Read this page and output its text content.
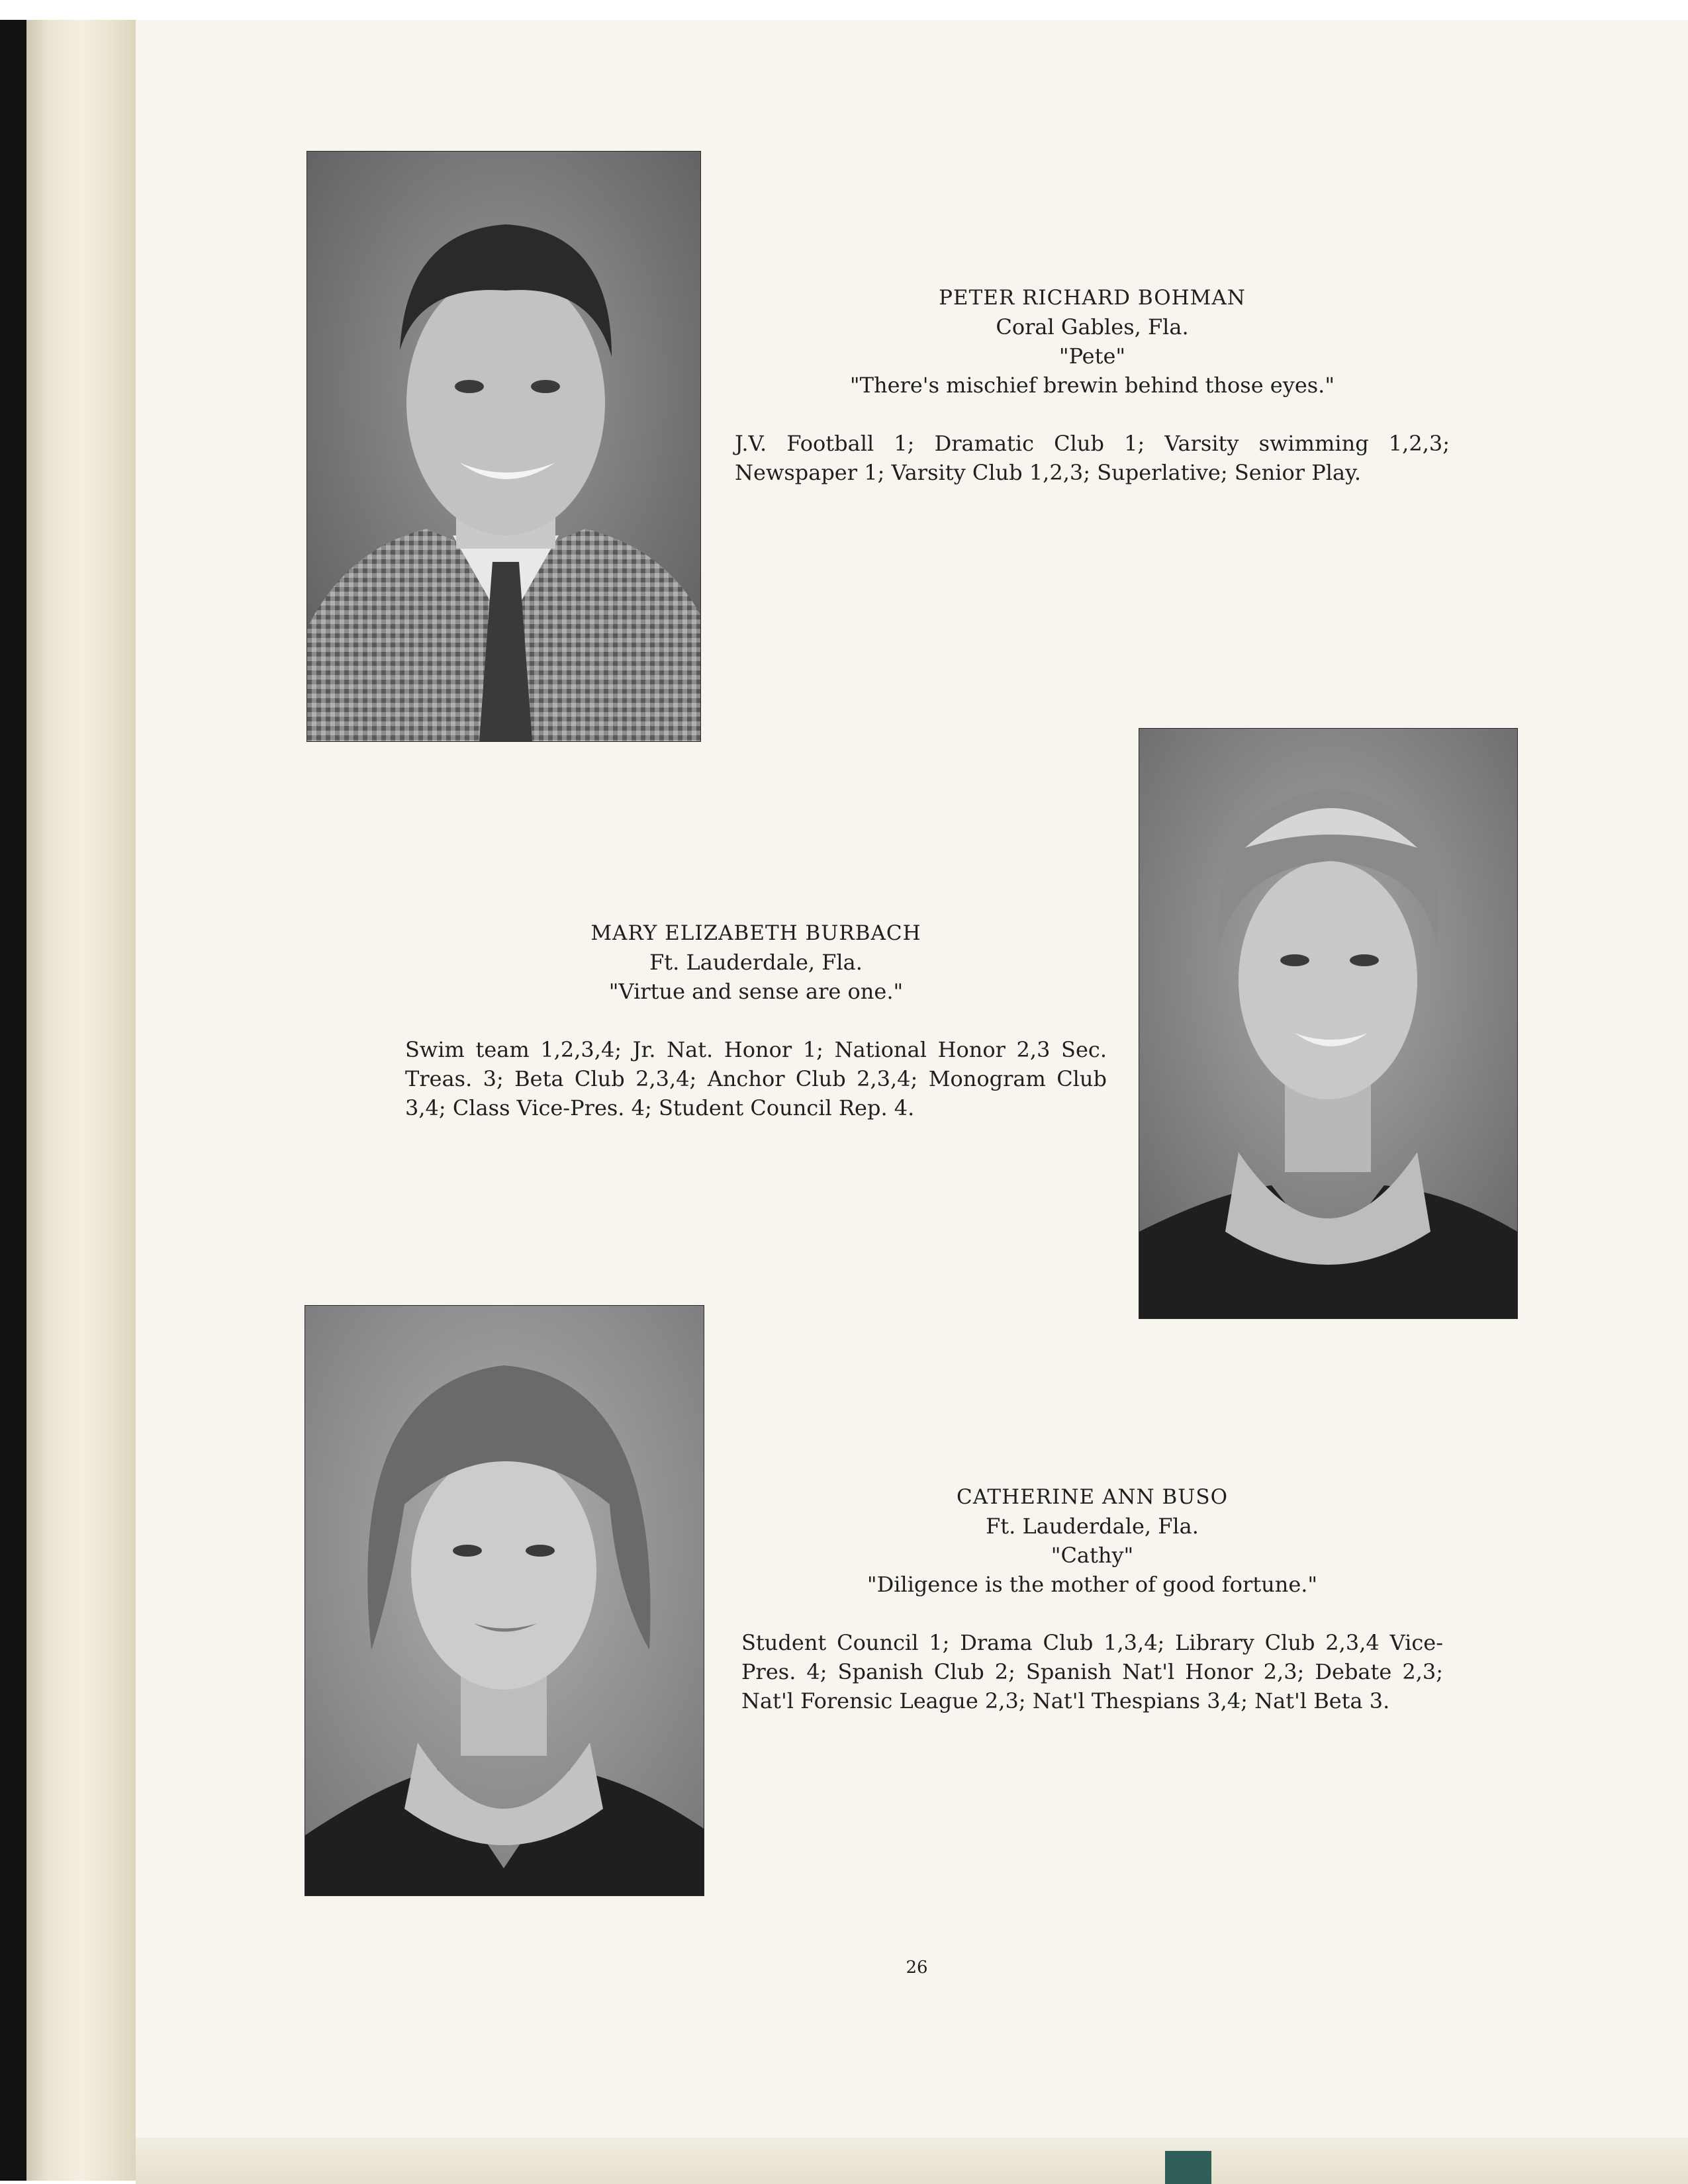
PETER RICHARD BOHMAN
Coral Gables, Fla.
"Pete"
"There's mischief brewin behind those eyes."
J.V. Football 1; Dramatic Club 1; Varsity swimming 1,2,3; Newspaper 1; Varsity Club 1,2,3; Superlative; Senior Play.
MARY ELIZABETH BURBACH
Ft. Lauderdale, Fla.
"Virtue and sense are one."
Swim team 1,2,3,4; Jr. Nat. Honor 1; National Honor 2,3 Sec. Treas. 3; Beta Club 2,3,4; Anchor Club 2,3,4; Monogram Club 3,4; Class Vice-Pres. 4; Student Council Rep. 4.
CATHERINE ANN BUSO
Ft. Lauderdale, Fla.
"Cathy"
"Diligence is the mother of good fortune."
Student Council 1; Drama Club 1,3,4; Library Club 2,3,4 Vice-Pres. 4; Spanish Club 2; Spanish Nat'l Honor 2,3; Debate 2,3; Nat'l Forensic League 2,3; Nat'l Thespians 3,4; Nat'l Beta 3.
26
